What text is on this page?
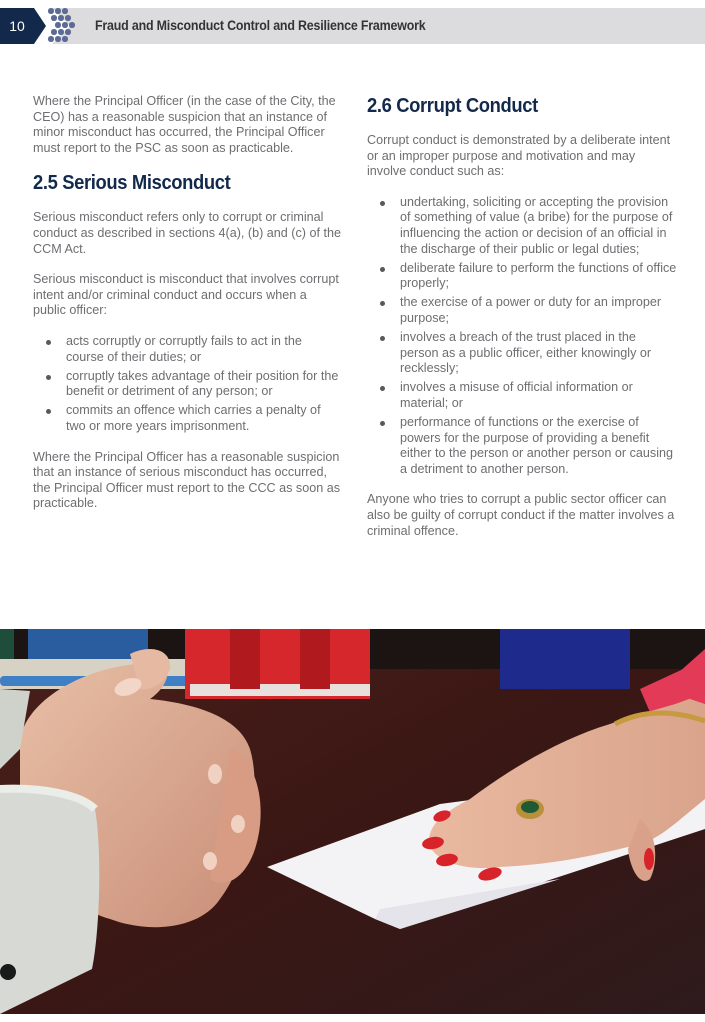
10	Fraud and Misconduct Control and Resilience Framework

Where the Principal Officer (in the case of the City, the CEO) has a reasonable suspicion that an instance of minor misconduct has occurred, the Principal Officer must report to the PSC as soon as practicable.

2.5 Serious Misconduct

Serious misconduct refers only to corrupt or criminal conduct as described in sections 4(a), (b) and (c) of the CCM Act.

Serious misconduct is misconduct that involves corrupt intent and/or criminal conduct and occurs when a public officer:

acts corruptly or corruptly fails to act in the course of their duties; or
corruptly takes advantage of their position for the benefit or detriment of any person; or
commits an offence which carries a penalty of two or more years imprisonment.

Where the Principal Officer has a reasonable suspicion that an instance of serious misconduct has occurred, the Principal Officer must report to the CCC as soon as practicable.

2.6 Corrupt Conduct

Corrupt conduct is demonstrated by a deliberate intent or an improper purpose and motivation and may involve conduct such as:

undertaking, soliciting or accepting the provision of something of value (a bribe) for the purpose of influencing the action or decision of an official in the discharge of their public or legal duties;
deliberate failure to perform the functions of office properly;
the exercise of a power or duty for an improper purpose;
involves a breach of the trust placed in the person as a public officer, either knowingly or recklessly;
involves a misuse of official information or material; or
performance of functions or the exercise of powers for the purpose of providing a benefit either to the person or another person or causing a detriment to another person.

Anyone who tries to corrupt a public sector officer can also be guilty of corrupt conduct if the matter involves a criminal offence.
